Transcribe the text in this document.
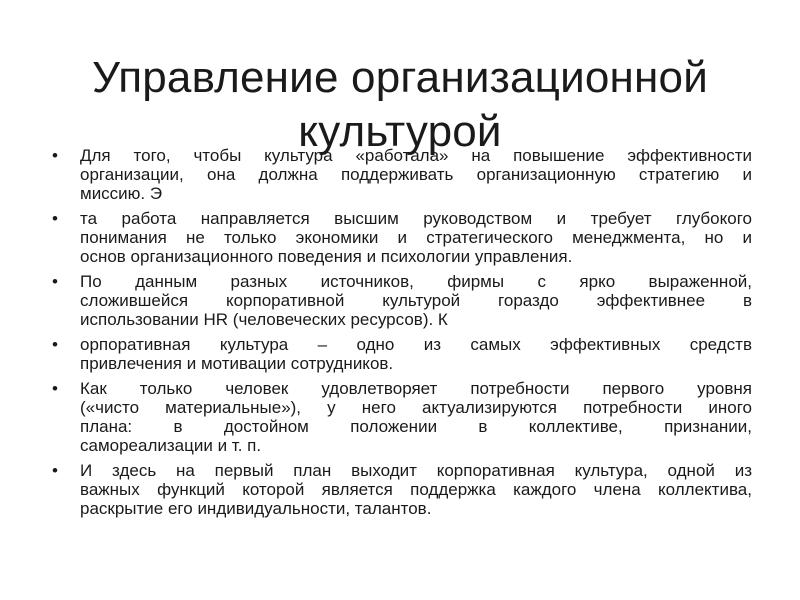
Управление организационной
культурой
• Для того, чтобы культура «работала» на повышение эффективности
организации, она должна поддерживать организационную стратегию и
миссию. Э
• та работа направляется высшим руководством и требует глубокого
понимания не только экономики и стратегического менеджмента, но и
основ организационного поведения и психологии управления.
• По данным разных источников, фирмы с ярко выраженной,
сложившейся корпоративной культурой гораздо эффективнее в
использовании HR (человеческих ресурсов). К
• орпоративная культура – одно из самых эффективных средств
привлечения и мотивации сотрудников.
• Как только человек удовлетворяет потребности первого уровня
(«чисто материальные»), у него актуализируются потребности иного
плана: в достойном положении в коллективе, признании,
самореализации и т. п.
• И здесь на первый план выходит корпоративная культура, одной из
важных функций которой является поддержка каждого члена коллектива,
раскрытие его индивидуальности, талантов.
